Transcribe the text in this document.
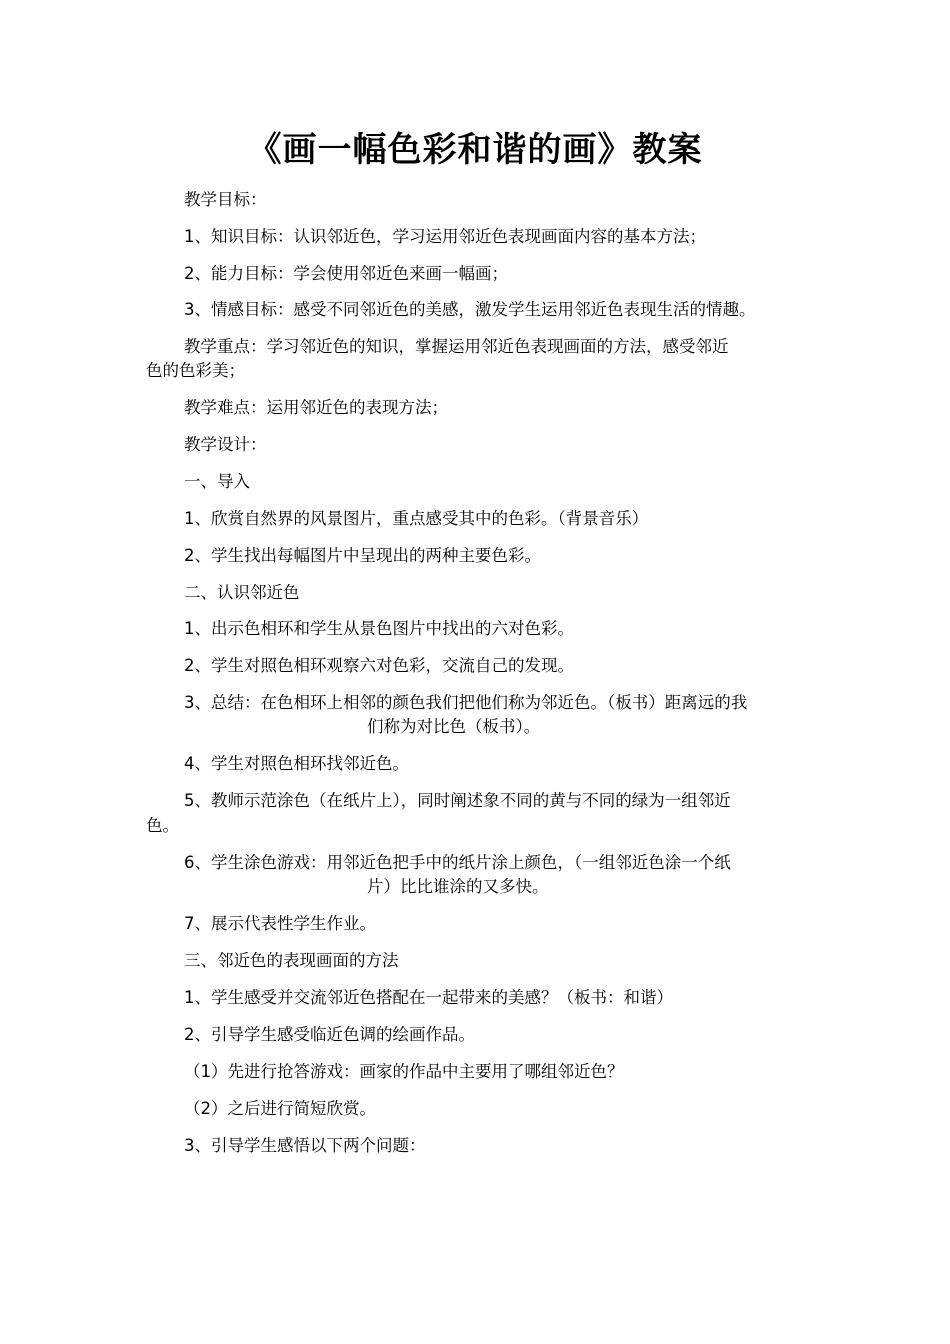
《画一幅色彩和谐的画》教案
教学目标：
1、知识目标：认识邻近色，学习运用邻近色表现画面内容的基本方法；
2、能力目标：学会使用邻近色来画一幅画；
3、情感目标：感受不同邻近色的美感，激发学生运用邻近色表现生活的情趣。
教学重点：学习邻近色的知识，掌握运用邻近色表现画面的方法，感受邻近
色的色彩美；
教学难点：运用邻近色的表现方法；
教学设计：
一、导入
1、欣赏自然界的风景图片，重点感受其中的色彩。（背景音乐）
2、学生找出每幅图片中呈现出的两种主要色彩。
二、认识邻近色
1、出示色相环和学生从景色图片中找出的六对色彩。
2、学生对照色相环观察六对色彩，交流自己的发现。
3、总结：在色相环上相邻的颜色我们把他们称为邻近色。（板书）距离远的我
们称为对比色（板书）。
4、学生对照色相环找邻近色。
5、教师示范涂色（在纸片上），同时阐述象不同的黄与不同的绿为一组邻近
色。
6、学生涂色游戏：用邻近色把手中的纸片涂上颜色，（一组邻近色涂一个纸
片）比比谁涂的又多快。
7、展示代表性学生作业。
三、邻近色的表现画面的方法
1、学生感受并交流邻近色搭配在一起带来的美感？（板书：和谐）
2、引导学生感受临近色调的绘画作品。
（1）先进行抢答游戏：画家的作品中主要用了哪组邻近色？
（2）之后进行简短欣赏。
3、引导学生感悟以下两个问题：
